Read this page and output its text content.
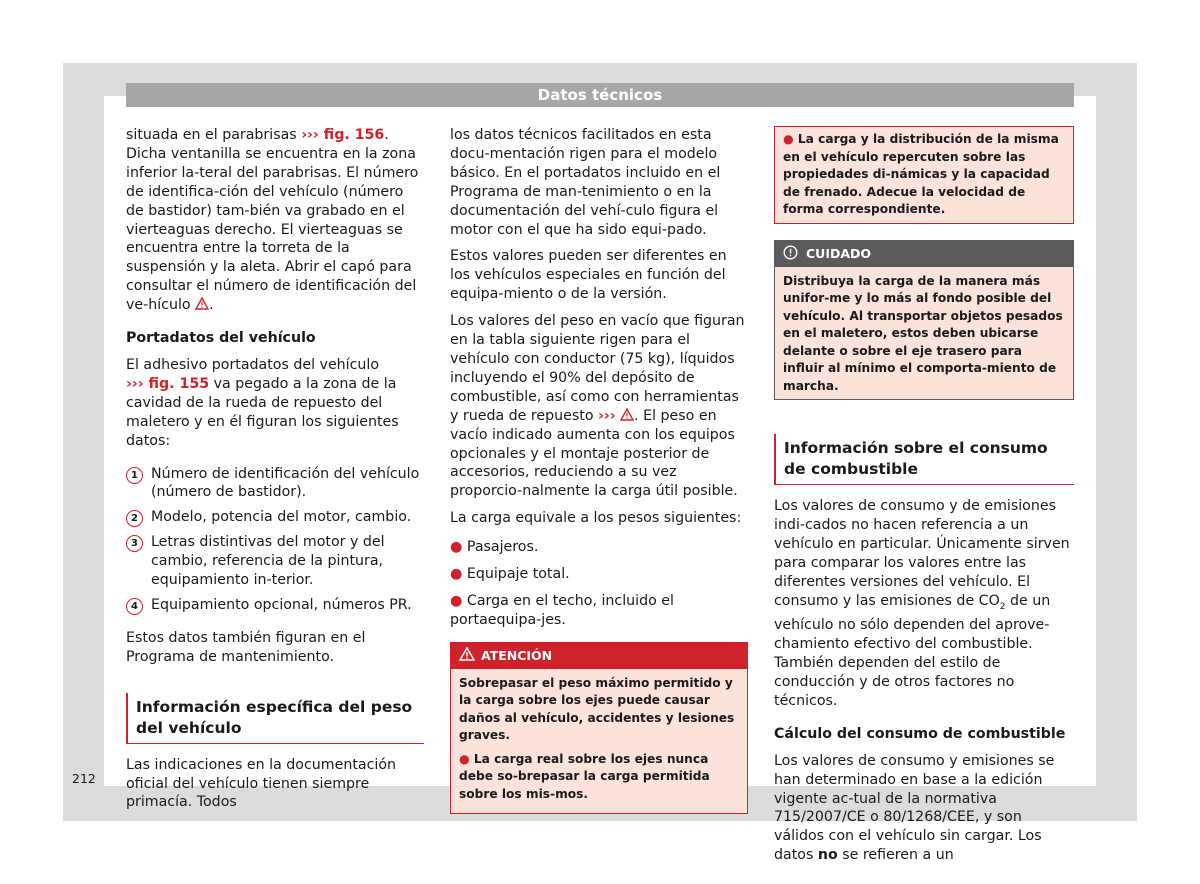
Datos técnicos

situada en el parabrisas ››› fig. 156. Dicha ventanilla se encuentra en la zona inferior la-teral del parabrisas. El número de identifica-ción del vehículo (número de bastidor) tam-bién va grabado en el vierteaguas derecho. El vierteaguas se encuentra entre la torreta de la suspensión y la aleta. Abrir el capó para consultar el número de identificación del ve-hículo .

Portadatos del vehículo

El adhesivo portadatos del vehículo
››› fig. 155 va pegado a la zona de la cavidad de la rueda de repuesto del maletero y en él figuran los siguientes datos:

1 Número de identificación del vehículo (número de bastidor).
2 Modelo, potencia del motor, cambio.
3 Letras distintivas del motor y del cambio, referencia de la pintura, equipamiento in-terior.
4 Equipamiento opcional, números PR.

Estos datos también figuran en el Programa de mantenimiento.

Información específica del peso del vehículo

Las indicaciones en la documentación oficial del vehículo tienen siempre primacía. Todos

los datos técnicos facilitados en esta docu-mentación rigen para el modelo básico. En el portadatos incluido en el Programa de man-tenimiento o en la documentación del vehí-culo figura el motor con el que ha sido equi-pado.

Estos valores pueden ser diferentes en los vehículos especiales en función del equipa-miento o de la versión.

Los valores del peso en vacío que figuran en la tabla siguiente rigen para el vehículo con conductor (75 kg), líquidos incluyendo el 90% del depósito de combustible, así como con herramientas y rueda de repuesto ››› . El peso en vacío indicado aumenta con los equipos opcionales y el montaje posterior de accesorios, reduciendo a su vez proporcio-nalmente la carga útil posible.

La carga equivale a los pesos siguientes:

● Pasajeros.

● Equipaje total.

● Carga en el techo, incluido el portaequipa-jes.

ATENCIÓN

Sobrepasar el peso máximo permitido y la carga sobre los ejes puede causar daños al vehículo, accidentes y lesiones graves.

● La carga real sobre los ejes nunca debe so-brepasar la carga permitida sobre los mis-mos.

● La carga y la distribución de la misma en el vehículo repercuten sobre las propiedades di-námicas y la capacidad de frenado. Adecue la velocidad de forma correspondiente.

CUIDADO

Distribuya la carga de la manera más unifor-me y lo más al fondo posible del vehículo. Al transportar objetos pesados en el maletero, estos deben ubicarse delante o sobre el eje trasero para influir al mínimo el comporta-miento de marcha.

Información sobre el consumo de combustible

Los valores de consumo y de emisiones indi-cados no hacen referencia a un vehículo en particular. Únicamente sirven para comparar los valores entre las diferentes versiones del vehículo. El consumo y las emisiones de $CO_2$ de un vehículo no sólo dependen del aprove-chamiento efectivo del combustible. También dependen del estilo de conducción y de otros factores no técnicos.

Cálculo del consumo de combustible

Los valores de consumo y emisiones se han determinado en base a la edición vigente ac-tual de la normativa 715/2007/CE o 80/1268/CEE, y son válidos con el vehículo sin cargar. Los datos no se refieren a un

212
